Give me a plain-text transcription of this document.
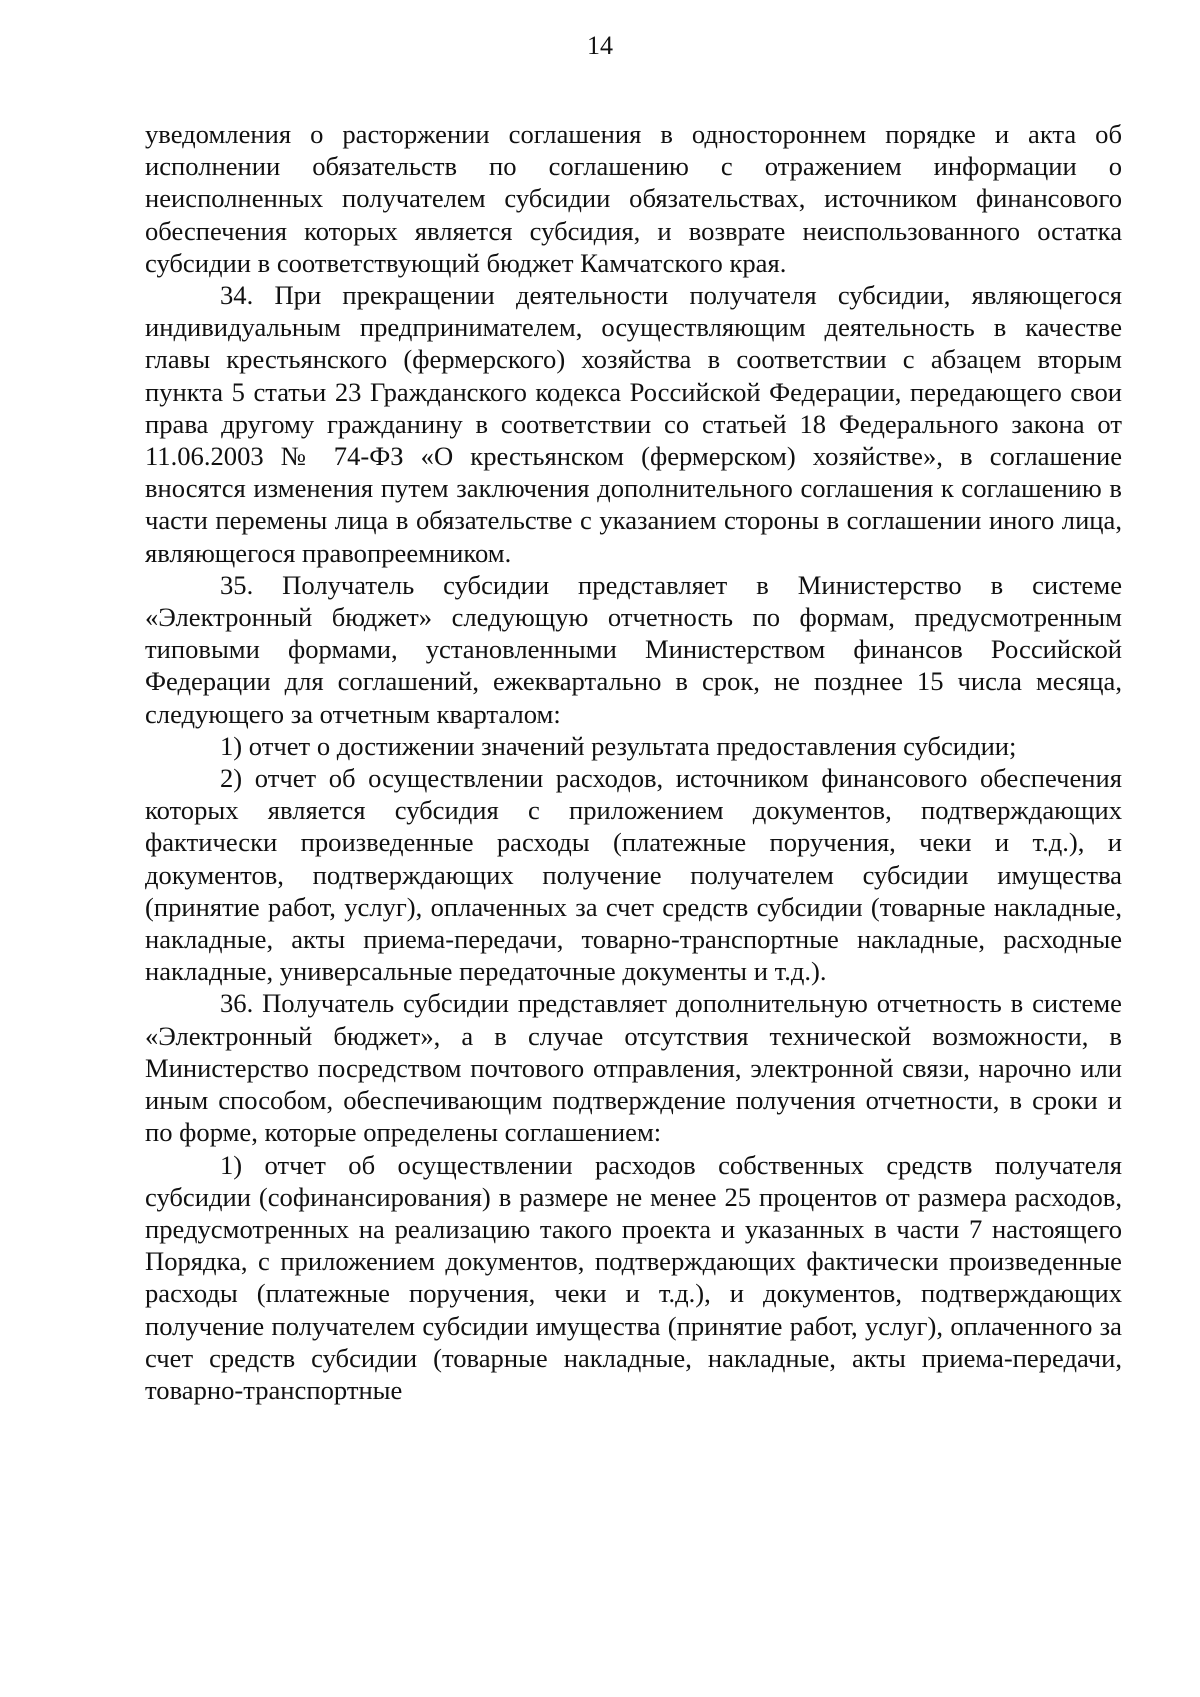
14

уведомления о расторжении соглашения в одностороннем порядке и акта об исполнении обязательств по соглашению с отражением информации о неисполненных получателем субсидии обязательствах, источником финансового обеспечения которых является субсидия, и возврате неиспользованного остатка субсидии в соответствующий бюджет Камчатского края.

34. При прекращении деятельности получателя субсидии, являющегося индивидуальным предпринимателем, осуществляющим деятельность в качестве главы крестьянского (фермерского) хозяйства в соответствии с абзацем вторым пункта 5 статьи 23 Гражданского кодекса Российской Федерации, передающего свои права другому гражданину в соответствии со статьей 18 Федерального закона от 11.06.2003 № 74-ФЗ «О крестьянском (фермерском) хозяйстве», в соглашение вносятся изменения путем заключения дополнительного соглашения к соглашению в части перемены лица в обязательстве с указанием стороны в соглашении иного лица, являющегося правопреемником.

35. Получатель субсидии представляет в Министерство в системе «Электронный бюджет» следующую отчетность по формам, предусмотренным типовыми формами, установленными Министерством финансов Российской Федерации для соглашений, ежеквартально в срок, не позднее 15 числа месяца, следующего за отчетным кварталом:

1) отчет о достижении значений результата предоставления субсидии;

2) отчет об осуществлении расходов, источником финансового обеспечения которых является субсидия с приложением документов, подтверждающих фактически произведенные расходы (платежные поручения, чеки и т.д.), и документов, подтверждающих получение получателем субсидии имущества (принятие работ, услуг), оплаченных за счет средств субсидии (товарные накладные, накладные, акты приема-передачи, товарно-транспортные накладные, расходные накладные, универсальные передаточные документы и т.д.).

36. Получатель субсидии представляет дополнительную отчетность в системе «Электронный бюджет», а в случае отсутствия технической возможности, в Министерство посредством почтового отправления, электронной связи, нарочно или иным способом, обеспечивающим подтверждение получения отчетности, в сроки и по форме, которые определены соглашением:

1) отчет об осуществлении расходов собственных средств получателя субсидии (софинансирования) в размере не менее 25 процентов от размера расходов, предусмотренных на реализацию такого проекта и указанных в части 7 настоящего Порядка, с приложением документов, подтверждающих фактически произведенные расходы (платежные поручения, чеки и т.д.), и документов, подтверждающих получение получателем субсидии имущества (принятие работ, услуг), оплаченного за счет средств субсидии (товарные накладные, накладные, акты приема-передачи, товарно-транспортные
